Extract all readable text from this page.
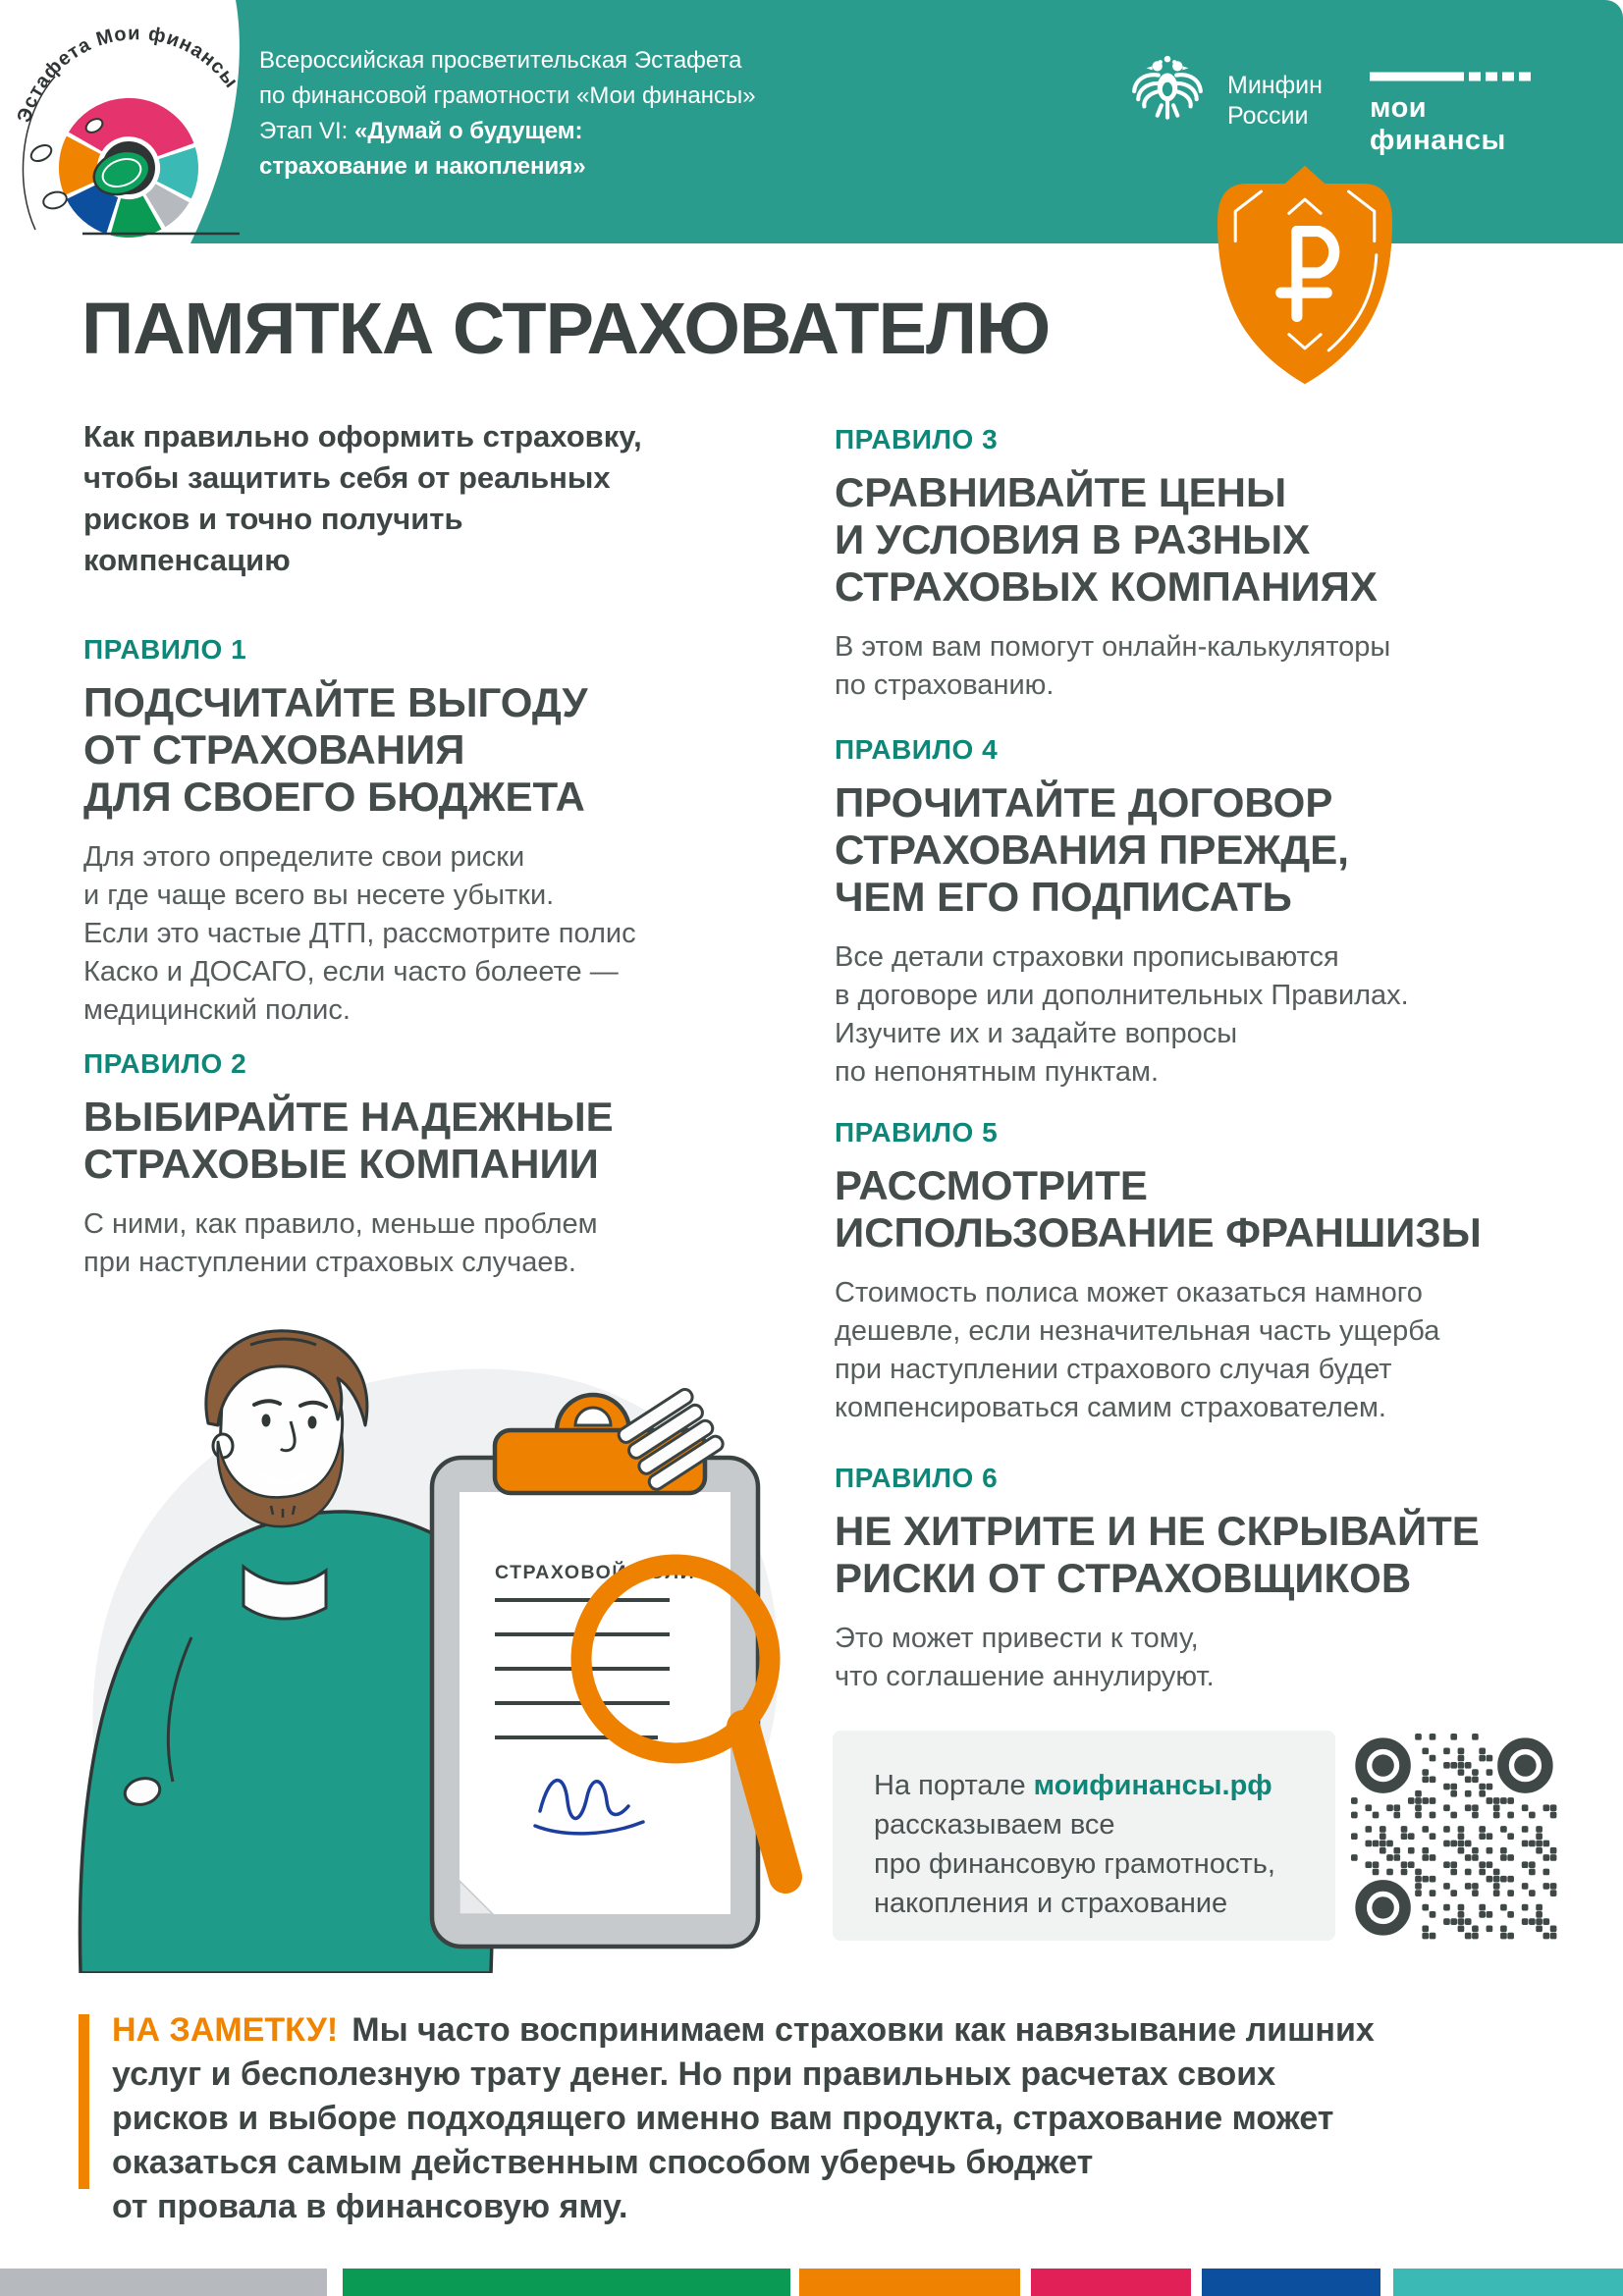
Эстафета Мои финансы
Всероссийская просветительская Эстафета
по финансовой грамотности «Мои финансы»
Этап VI: «Думай о будущем:
страхование и накопления»
Минфин
России	мои финансы
ПАМЯТКА СТРАХОВАТЕЛЮ
Как правильно оформить страховку,
чтобы защитить себя от реальных
рисков и точно получить
компенсацию
ПРАВИЛО 1
ПОДСЧИТАЙТЕ ВЫГОДУ
ОТ СТРАХОВАНИЯ
ДЛЯ СВОЕГО БЮДЖЕТА
Для этого определите свои риски
и где чаще всего вы несете убытки.
Если это частые ДТП, рассмотрите полис
Каско и ДОСАГО, если часто болеете —
медицинский полис.
ПРАВИЛО 2
ВЫБИРАЙТЕ НАДЕЖНЫЕ
СТРАХОВЫЕ КОМПАНИИ
С ними, как правило, меньше проблем
при наступлении страховых случаев.
ПРАВИЛО 3
СРАВНИВАЙТЕ ЦЕНЫ
И УСЛОВИЯ В РАЗНЫХ
СТРАХОВЫХ КОМПАНИЯХ
В этом вам помогут онлайн-калькуляторы
по страхованию.
ПРАВИЛО 4
ПРОЧИТАЙТЕ ДОГОВОР
СТРАХОВАНИЯ ПРЕЖДЕ,
ЧЕМ ЕГО ПОДПИСАТЬ
Все детали страховки прописываются
в договоре или дополнительных Правилах.
Изучите их и задайте вопросы
по непонятным пунктам.
ПРАВИЛО 5
РАССМОТРИТЕ
ИСПОЛЬЗОВАНИЕ ФРАНШИЗЫ
Стоимость полиса может оказаться намного
дешевле, если незначительная часть ущерба
при наступлении страхового случая будет
компенсироваться самим страхователем.
ПРАВИЛО 6
НЕ ХИТРИТЕ И НЕ СКРЫВАЙТЕ
РИСКИ ОТ СТРАХОВЩИКОВ
Это может привести к тому,
что соглашение аннулируют.
СТРАХОВОЙ ПОЛИС
На портале моифинансы.рф
рассказываем все
про финансовую грамотность,
накопления и страхование
НА ЗАМЕТКУ! Мы часто воспринимаем страховки как навязывание лишних
услуг и бесполезную трату денег. Но при правильных расчетах своих
рисков и выборе подходящего именно вам продукта, страхование может
оказаться самым действенным способом уберечь бюджет
от провала в финансовую яму.
